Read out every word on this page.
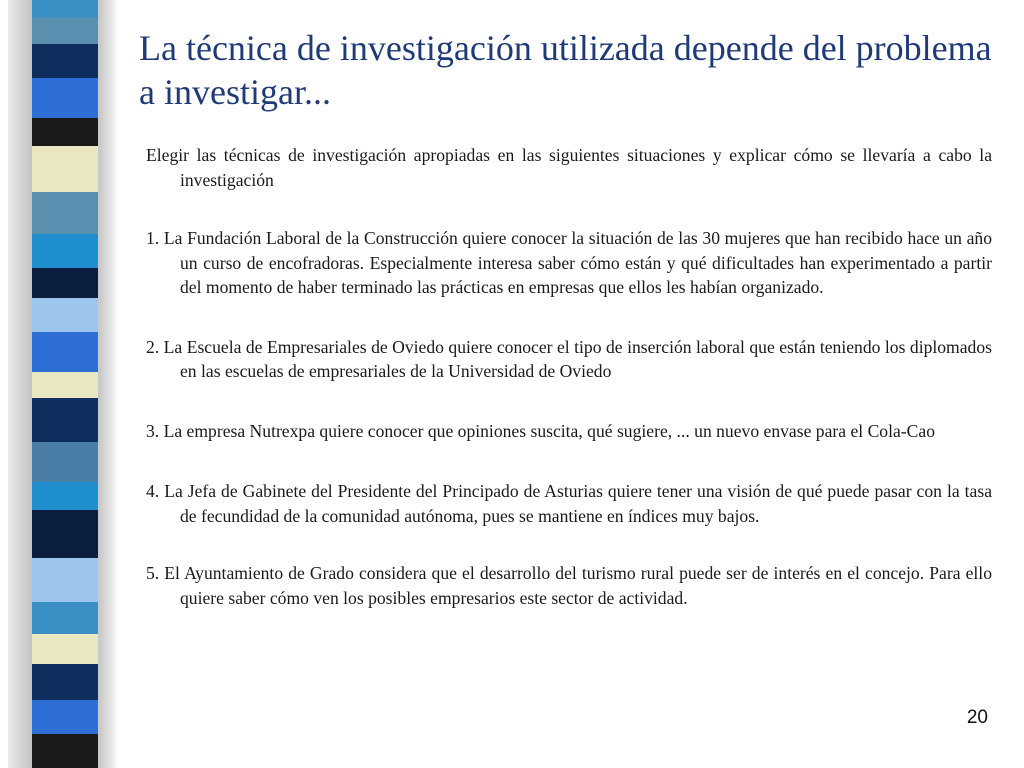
La técnica de investigación utilizada depende del problema a investigar...

Elegir las técnicas de investigación apropiadas en las siguientes situaciones y explicar cómo se llevaría a cabo la investigación

1. La Fundación Laboral de la Construcción quiere conocer la situación de las 30 mujeres que han recibido hace un año un curso de encofradoras. Especialmente interesa saber cómo están y qué dificultades han experimentado a partir del momento de haber terminado las prácticas en empresas que ellos les habían organizado.

2. La Escuela de Empresariales de Oviedo quiere conocer el tipo de inserción laboral que están teniendo los diplomados en las escuelas de empresariales de la Universidad de Oviedo

3. La empresa Nutrexpa quiere conocer que opiniones suscita, qué sugiere, ... un nuevo envase para el Cola-Cao

4. La Jefa de Gabinete del Presidente del Principado de Asturias quiere tener una visión de qué puede pasar con la tasa de fecundidad de la comunidad autónoma, pues se mantiene en índices muy bajos.

5. El Ayuntamiento de Grado considera que el desarrollo del turismo rural puede ser de interés en el concejo. Para ello quiere saber cómo ven los posibles empresarios este sector de actividad.

20
